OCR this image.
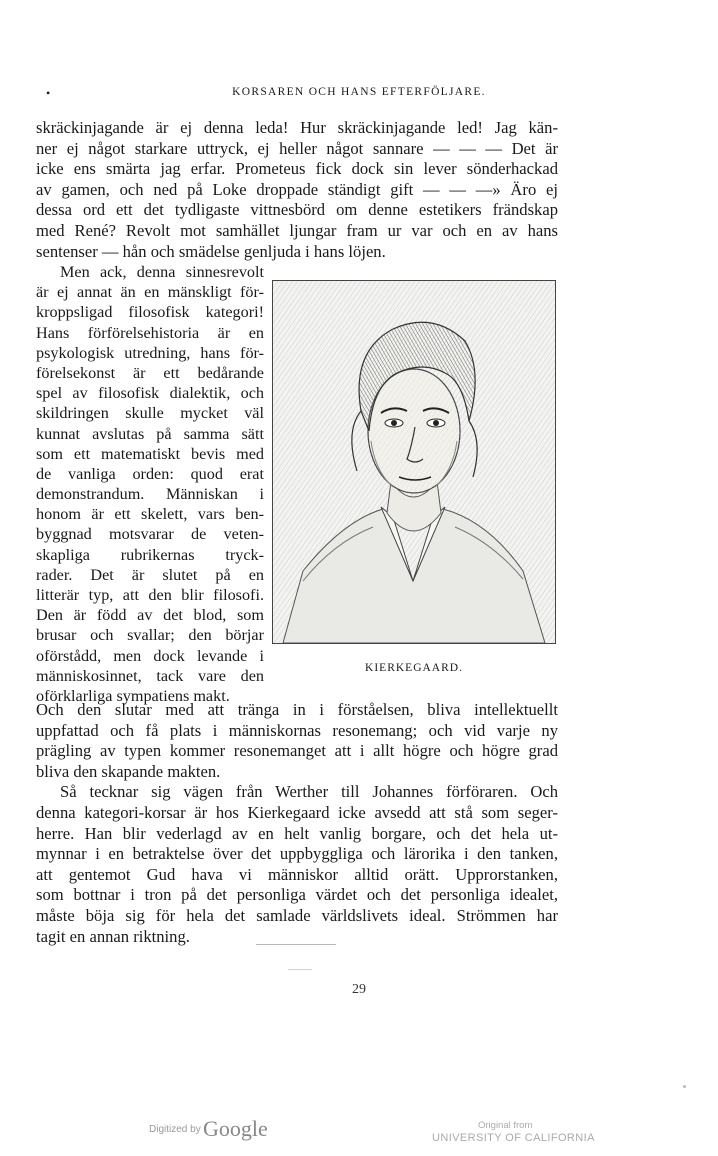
•	KORSAREN OCH HANS EFTERFÖLJARE.
skräckinjagande är ej denna leda! Hur skräckinjagande led! Jag kän-
ner ej något starkare uttryck, ej heller något sannare — — — Det är
icke ens smärta jag erfar. Prometeus fick dock sin lever sönderhackad
av gamen, och ned på Loke droppade ständigt gift — — —» Äro ej
dessa ord ett det tydligaste vittnesbörd om denne estetikers frändskap
med René? Revolt mot samhället ljungar fram ur var och en av hans
sentenser — hån och smädelse genljuda i hans löjen.
Men ack, denna sinnesrevolt
är ej annat än en mänskligt för-
kroppsligad filosofisk kategori!
Hans förförelsehistoria är en
psykologisk utredning, hans för-
förelsekonst är ett bedårande
spel av filosofisk dialektik, och
skildringen skulle mycket väl
kunnat avslutas på samma sätt
som ett matematiskt bevis med
de vanliga orden: quod erat
demonstrandum. Människan i
honom är ett skelett, vars ben-
byggnad motsvarar de veten-
skapliga rubrikernas tryck-
rader. Det är slutet på en
litterär typ, att den blir filosofi.
Den är född av det blod, som
brusar och svallar; den börjar
oförstådd, men dock levande i
människosinnet, tack vare den
oförklarliga sympatiens makt.
KIERKEGAARD.
Och den slutar med att tränga in i förståelsen, bliva intellektuellt
uppfattad och få plats i människornas resonemang; och vid varje ny
prägling av typen kommer resonemanget att i allt högre och högre grad
bliva den skapande makten.
Så tecknar sig vägen från Werther till Johannes förföraren. Och
denna kategori-korsar är hos Kierkegaard icke avsedd att stå som seger-
herre. Han blir vederlagd av en helt vanlig borgare, och det hela ut-
mynnar i en betraktelse över det uppbyggliga och lärorika i den tanken,
att gentemot Gud hava vi människor alltid orätt. Upprorstanken,
som bottnar i tron på det personliga värdet och det personliga idealet,
måste böja sig för hela det samlade världslivets ideal. Strömmen har
tagit en annan riktning.
29
Digitized by Google	Original from
UNIVERSITY OF CALIFORNIA
